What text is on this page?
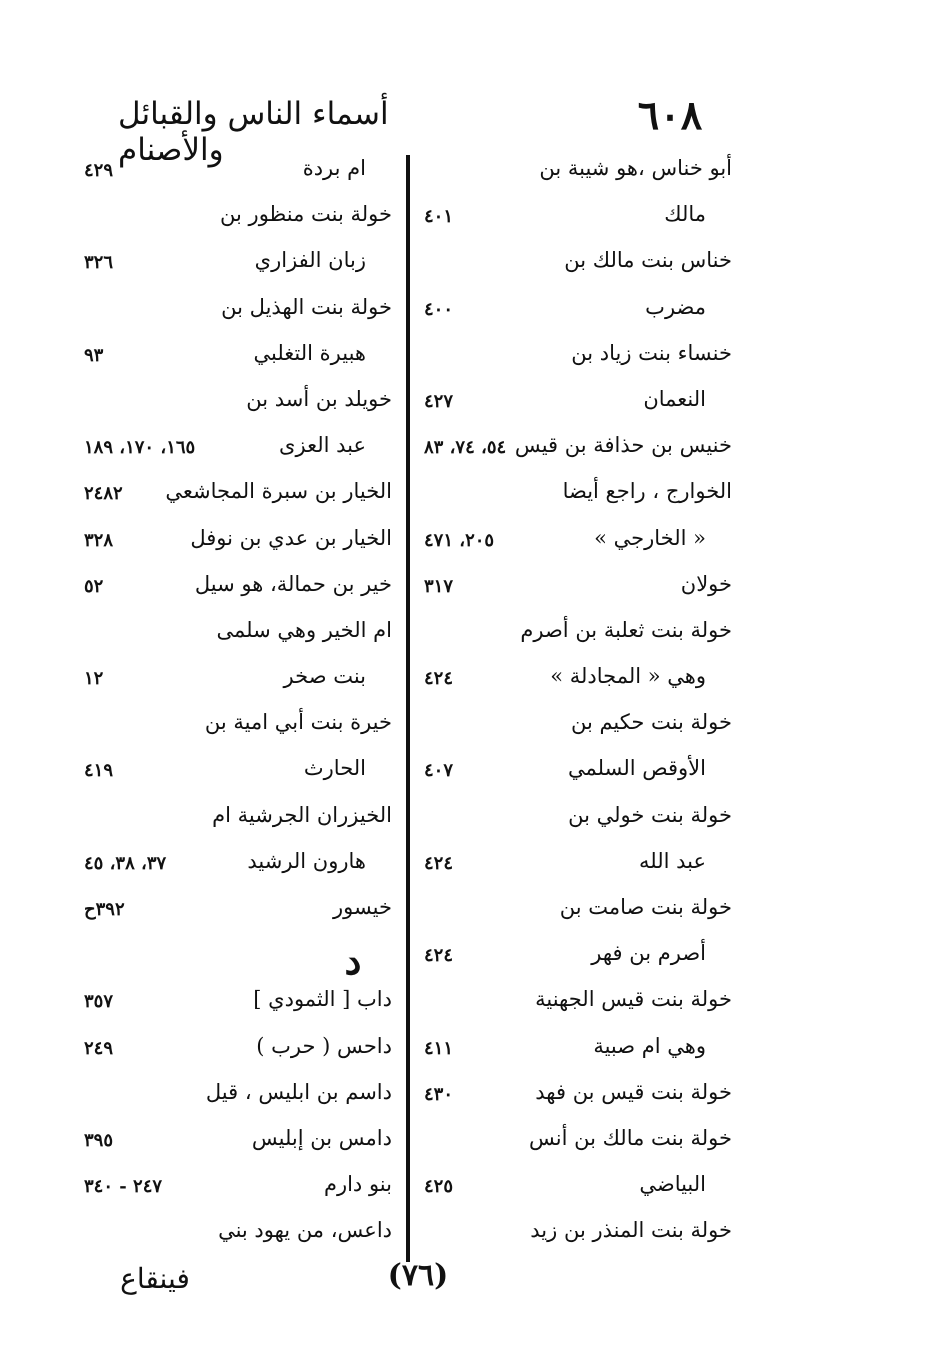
أسماء الناس والقبائل والأصنام
٦٠٨
أبو خناس ،هو شيبة بن
مالك
٤٠١
خناس بنت مالك بن
مضرب
٤٠٠
خنساء بنت زياد بن
النعمان
٤٢٧
خنيس بن حذافة بن قيس
٥٤، ٧٤، ٨٣
الخوارج ، راجع أيضا
« الخارجي »
٢٠٥، ٤٧١
خولان
٣١٧
خولة بنت ثعلبة بن أصرم
وهي « المجادلة »
٤٢٤
خولة بنت حكيم بن
الأوقص السلمي
٤٠٧
خولة بنت خولي بن
عبد الله
٤٢٤
خولة بنت صامت بن
أصرم بن فهر
٤٢٤
خولة بنت قيس الجهنية
وهي ام صبية
٤١١
خولة بنت قيس بن فهد
٤٣٠
خولة بنت مالك بن أنس
البياضي
٤٢٥
خولة بنت المنذر بن زيد
ام بردة
٤٢٩
خولة بنت منظور بن
زبان الفزاري
٣٢٦
خولة بنت الهذيل بن
هبيرة التغلبي
٩٣
خويلد بن أسد بن
عبد العزى
١٦٥، ١٧٠، ١٨٩
الخيار بن سبرة المجاشعي
٢٤٨٢
الخيار بن عدي بن نوفل
٣٢٨
خير بن حمالة، هو سيل
٥٢
ام الخير وهي سلمى
بنت صخر
١٢
خيرة بنت أبي امية بن
الحارث
٤١٩
الخيزران الجرشية ام
هارون الرشيد
٣٧، ٣٨، ٤٥
خيسور
٣٩٢ح
داب [ الثمودي ]
٣٥٧
داحس ( حرب )
٢٤٩
داسم بن ابليس ، قيل
دامس بن إبليس
٣٩٥
بنو دارم
٢٤٧ - ٣٤٠
داعس، من يهود بني
د
(٧٦)
فينقاع
